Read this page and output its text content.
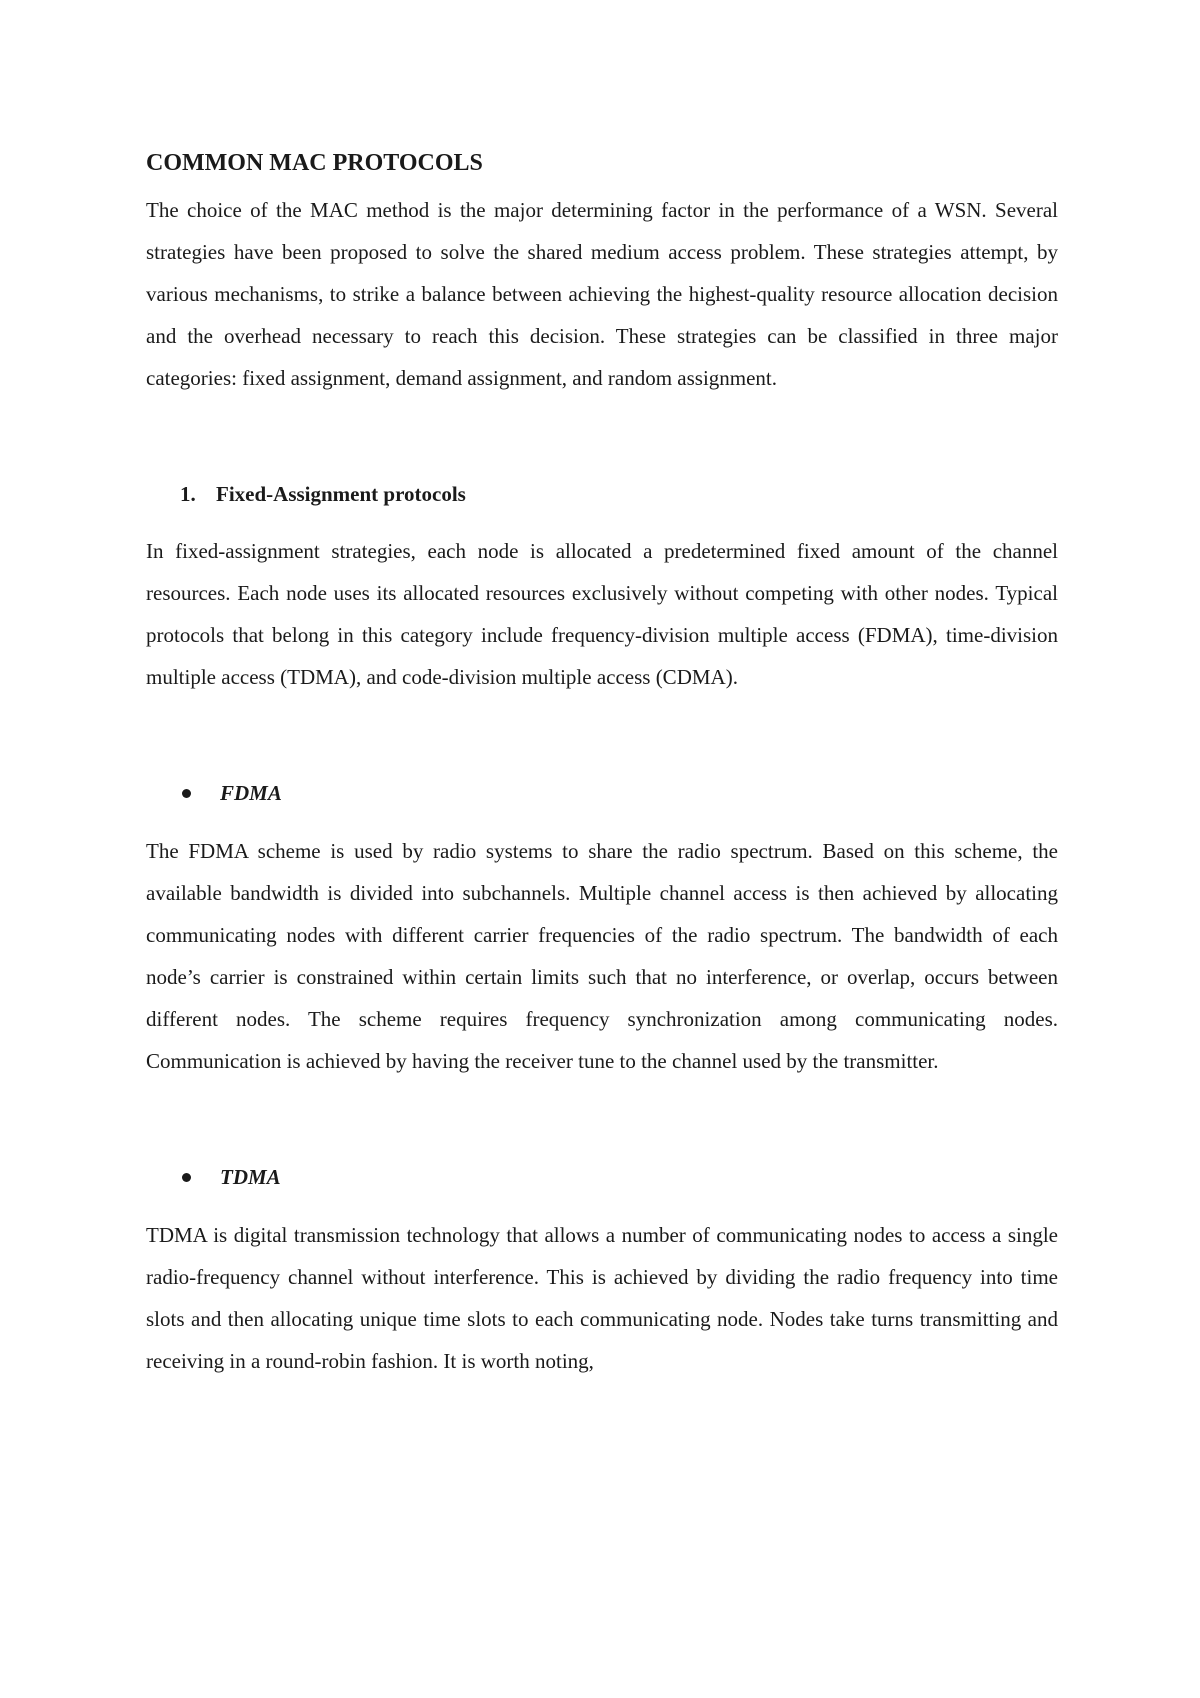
COMMON MAC PROTOCOLS

The choice of the MAC method is the major determining factor in the performance of a WSN. Several strategies have been proposed to solve the shared medium access problem. These strategies attempt, by various mechanisms, to strike a balance between achieving the highest-quality resource allocation decision and the overhead necessary to reach this decision. These strategies can be classified in three major categories: fixed assignment, demand assignment, and random assignment.

1. Fixed-Assignment protocols

In fixed-assignment strategies, each node is allocated a predetermined fixed amount of the channel resources. Each node uses its allocated resources exclusively without competing with other nodes. Typical protocols that belong in this category include frequency-division multiple access (FDMA), time-division multiple access (TDMA), and code-division multiple access (CDMA).

FDMA

The FDMA scheme is used by radio systems to share the radio spectrum. Based on this scheme, the available bandwidth is divided into subchannels. Multiple channel access is then achieved by allocating communicating nodes with different carrier frequencies of the radio spectrum. The bandwidth of each node’s carrier is constrained within certain limits such that no interference, or overlap, occurs between different nodes. The scheme requires frequency synchronization among communicating nodes. Communication is achieved by having the receiver tune to the channel used by the transmitter.

TDMA

TDMA is digital transmission technology that allows a number of communicating nodes to access a single radio-frequency channel without interference. This is achieved by dividing the radio frequency into time slots and then allocating unique time slots to each communicating node. Nodes take turns transmitting and receiving in a round-robin fashion. It is worth noting,
